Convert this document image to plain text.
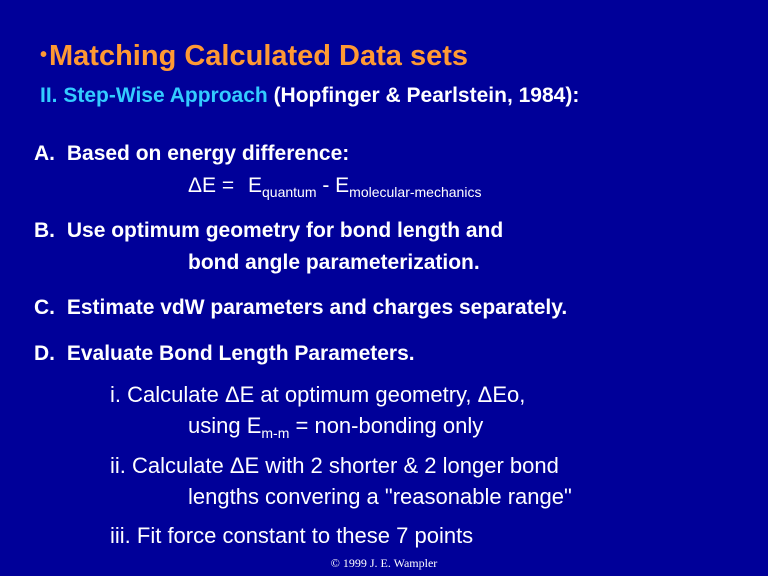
•Matching Calculated Data sets
II. Step-Wise Approach (Hopfinger & Pearlstein, 1984):
A. Based on energy difference:
$\Delta E = E_{quantum} - E_{molecular-mechanics}$
B. Use optimum geometry for bond length and
bond angle parameterization.
C. Estimate vdW parameters and charges separately.
D. Evaluate Bond Length Parameters.
i. Calculate ΔE at optimum geometry, ΔEo,
using $E_{m-m}$ = non-bonding only
ii. Calculate ΔE with 2 shorter & 2 longer bond
lengths convering a "reasonable range"
iii. Fit force constant to these 7 points
© 1999 J. E. Wampler
